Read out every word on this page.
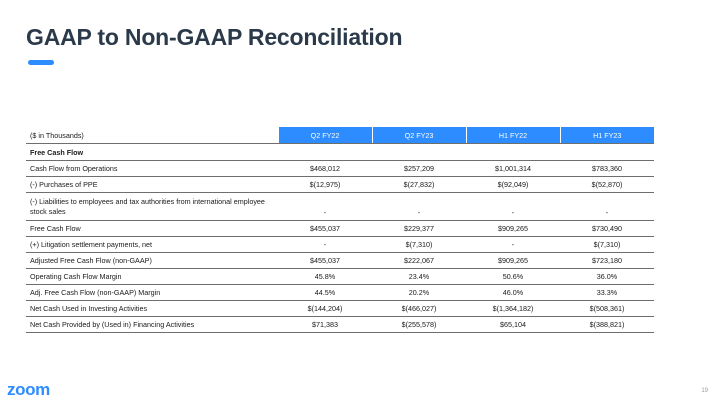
GAAP to Non-GAAP Reconciliation
($ in Thousands)	Q2 FY22	Q2 FY23	H1 FY22	H1 FY23
Free Cash Flow				
Cash Flow from Operations	$468,012	$257,209	$1,001,314	$783,360
(-) Purchases of PPE	$(12,975)	$(27,832)	$(92,049)	$(52,870)
(-) Liabilities to employees and tax authorities from international employee stock sales	-	-	-	-
Free Cash Flow	$455,037	$229,377	$909,265	$730,490
(+) Litigation settlement payments, net	-	$(7,310)	-	$(7,310)
Adjusted Free Cash Flow (non-GAAP)	$455,037	$222,067	$909,265	$723,180
Operating Cash Flow Margin	45.8%	23.4%	50.6%	36.0%
Adj. Free Cash Flow (non-GAAP) Margin	44.5%	20.2%	46.0%	33.3%
Net Cash Used in Investing Activities	$(144,204)	$(466,027)	$(1,364,182)	$(508,361)
Net Cash Provided by (Used in) Financing Activities	$71,383	$(255,578)	$65,104	$(388,821)
zoom	19
